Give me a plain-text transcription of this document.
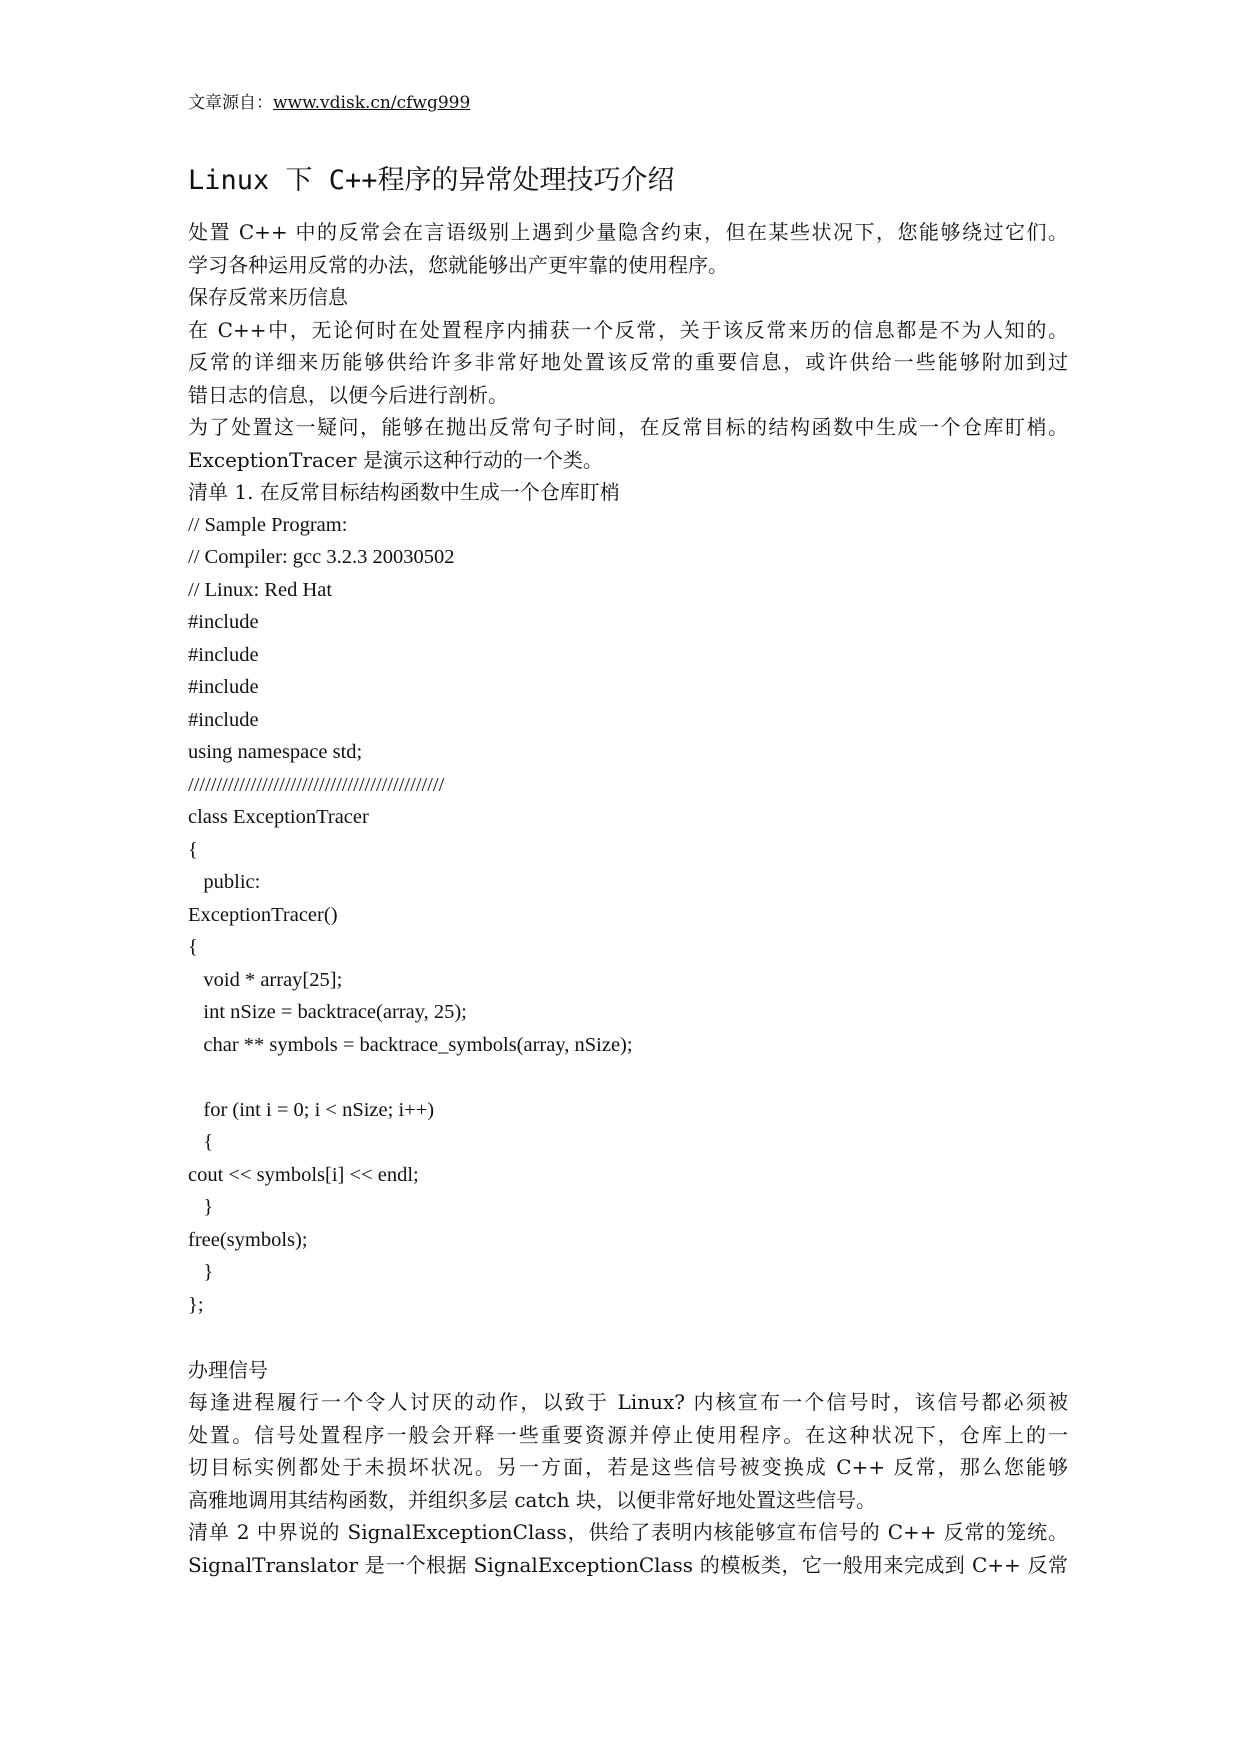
文章源自：www.vdisk.cn/cfwg999
Linux 下 C++程序的异常处理技巧介绍
处置 C++ 中的反常会在言语级别上遇到少量隐含约束，但在某些状况下，您能够绕过它们。
学习各种运用反常的办法，您就能够出产更牢靠的使用程序。
保存反常来历信息
在 C++中，无论何时在处置程序内捕获一个反常，关于该反常来历的信息都是不为人知的。
反常的详细来历能够供给许多非常好地处置该反常的重要信息，或许供给一些能够附加到过
错日志的信息，以便今后进行剖析。
为了处置这一疑问，能够在抛出反常句子时间，在反常目标的结构函数中生成一个仓库盯梢。
ExceptionTracer 是演示这种行动的一个类。
清单 1. 在反常目标结构函数中生成一个仓库盯梢
// Sample Program:
// Compiler: gcc 3.2.3 20030502
// Linux: Red Hat
#include
#include
#include
#include
using namespace std;
/////////////////////////////////////////////
class ExceptionTracer
{
public:
ExceptionTracer()
{
void * array[25];
int nSize = backtrace(array, 25);
char ** symbols = backtrace_symbols(array, nSize);
for (int i = 0; i < nSize; i++)
{
cout << symbols[i] << endl;
}
free(symbols);
}
};
办理信号
每逢进程履行一个令人讨厌的动作，以致于 Linux? 内核宣布一个信号时，该信号都必须被
处置。信号处置程序一般会开释一些重要资源并停止使用程序。在这种状况下，仓库上的一
切目标实例都处于未损坏状况。另一方面，若是这些信号被变换成 C++ 反常，那么您能够
高雅地调用其结构函数，并组织多层 catch 块，以便非常好地处置这些信号。
清单 2 中界说的 SignalExceptionClass，供给了表明内核能够宣布信号的 C++ 反常的笼统。
SignalTranslator 是一个根据 SignalExceptionClass 的模板类，它一般用来完成到 C++ 反常
